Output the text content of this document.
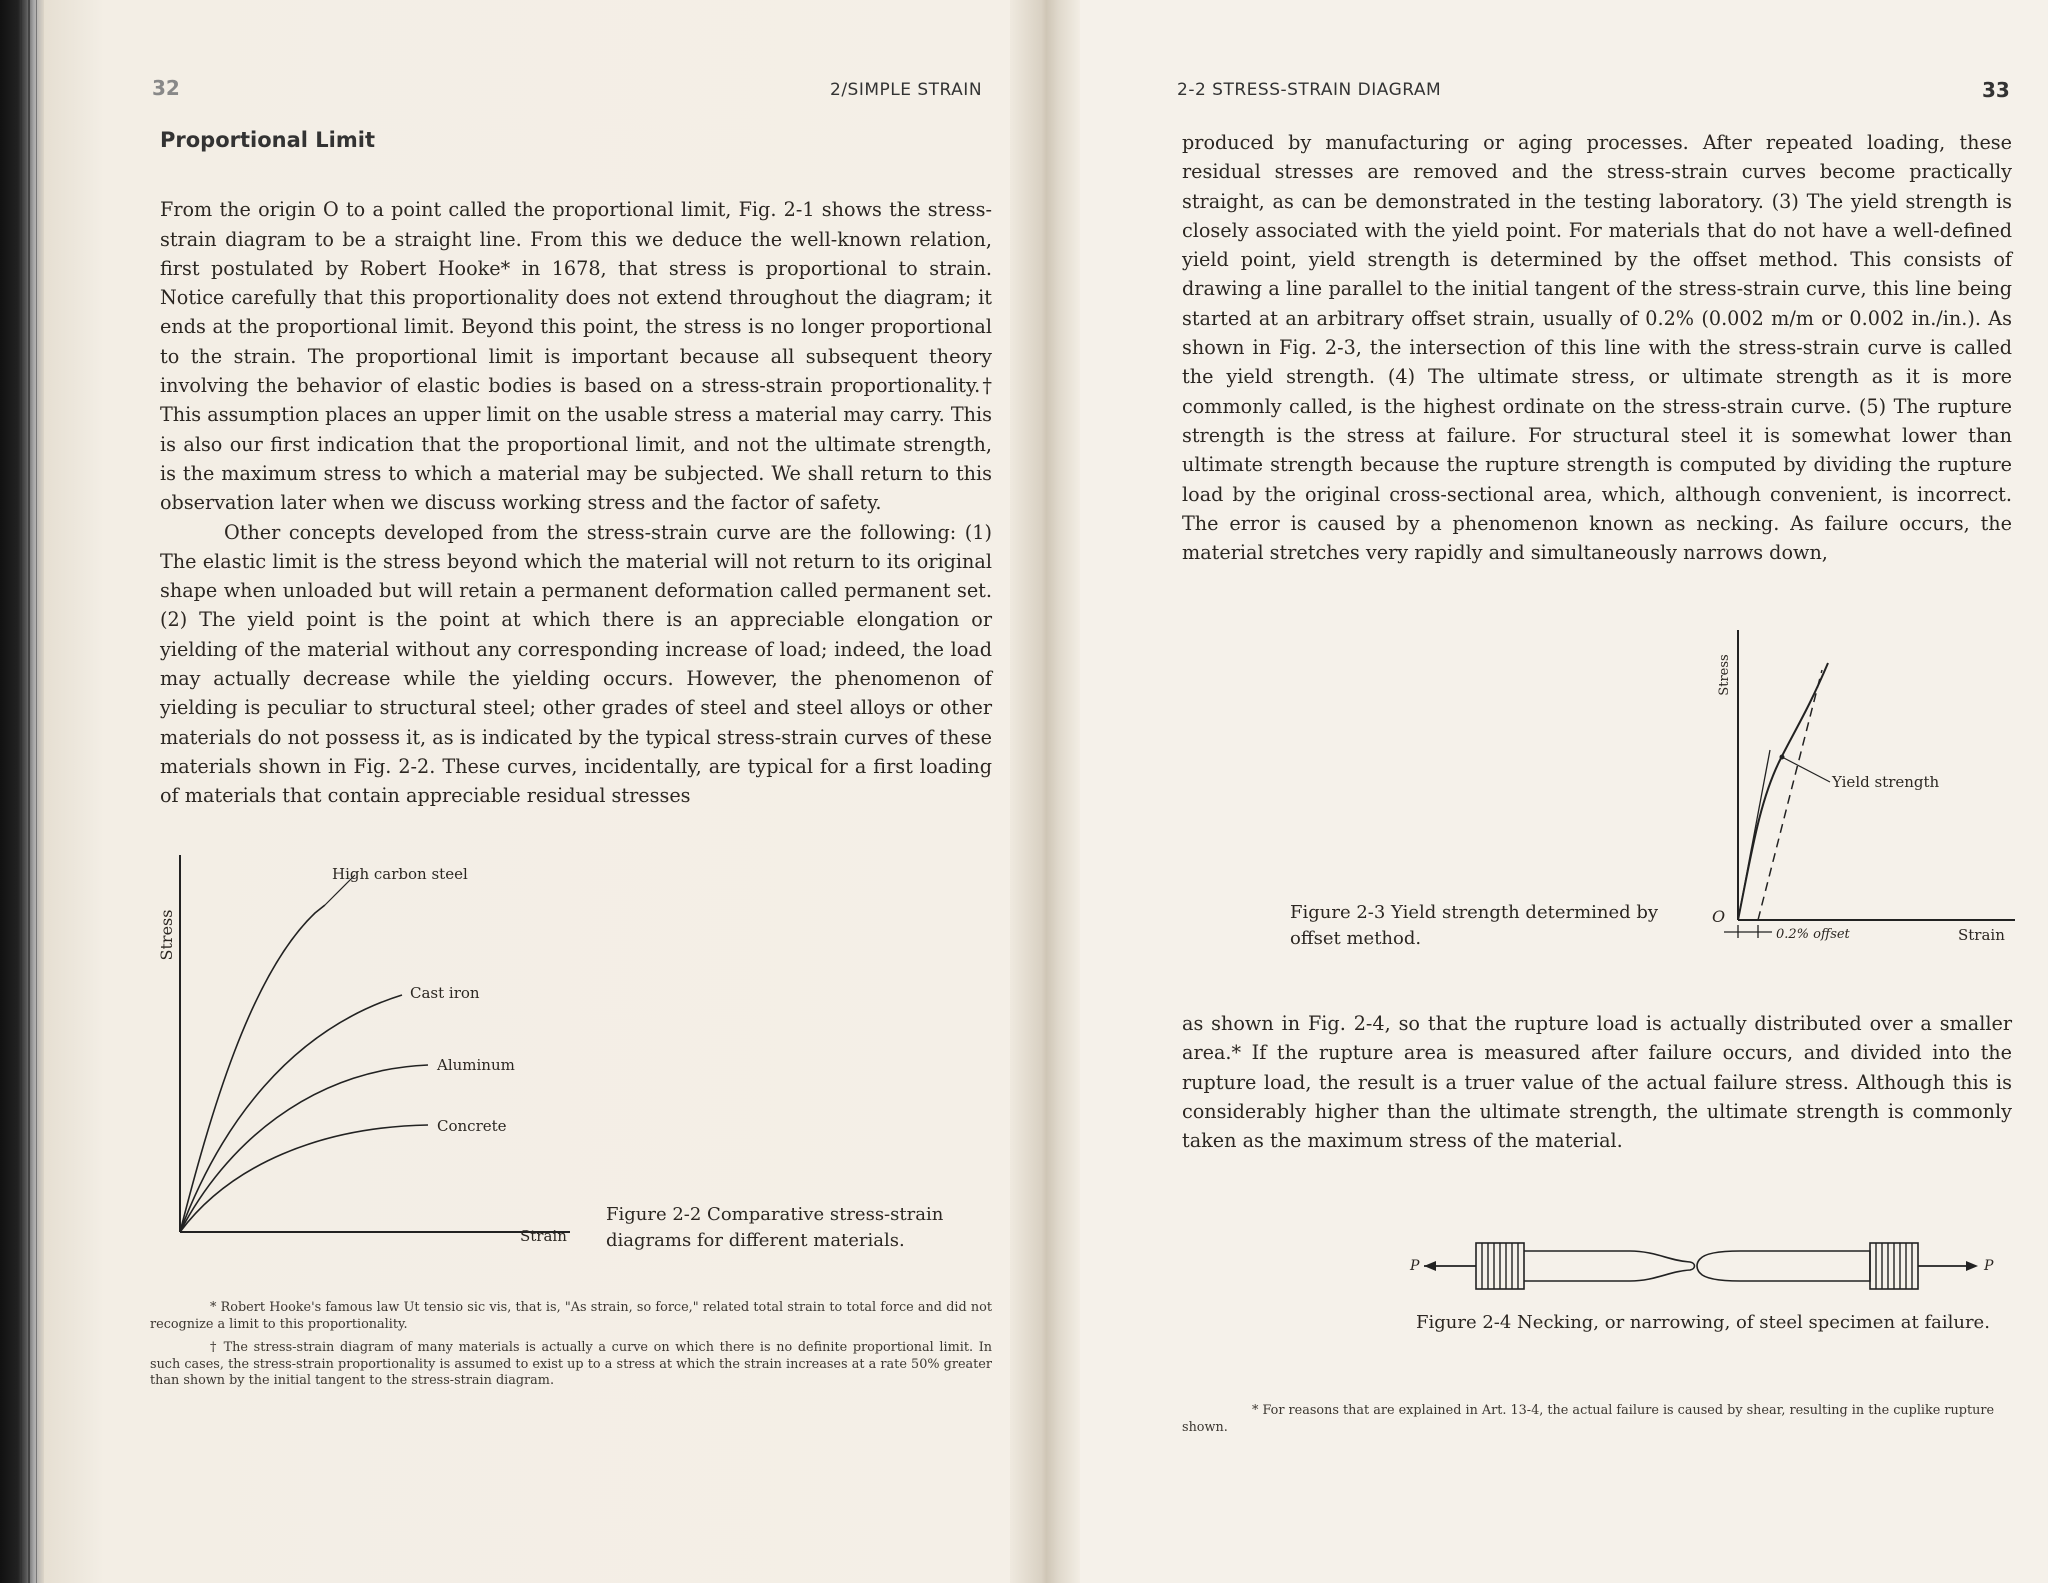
32	2/SIMPLE STRAIN
Proportional Limit

From the origin O to a point called the proportional limit, Fig. 2-1 shows the stress-strain diagram to be a straight line. From this we deduce the well-known relation, first postulated by Robert Hooke* in 1678, that stress is proportional to strain. Notice carefully that this proportionality does not extend throughout the diagram; it ends at the proportional limit. Beyond this point, the stress is no longer proportional to the strain. The proportional limit is important because all subsequent theory involving the behavior of elastic bodies is based on a stress-strain proportionality.† This assumption places an upper limit on the usable stress a material may carry. This is also our first indication that the proportional limit, and not the ultimate strength, is the maximum stress to which a material may be subjected. We shall return to this observation later when we discuss working stress and the factor of safety.

Other concepts developed from the stress-strain curve are the following: (1) The elastic limit is the stress beyond which the material will not return to its original shape when unloaded but will retain a permanent deformation called permanent set. (2) The yield point is the point at which there is an appreciable elongation or yielding of the material without any corresponding increase of load; indeed, the load may actually decrease while the yielding occurs. However, the phenomenon of yielding is peculiar to structural steel; other grades of steel and steel alloys or other materials do not possess it, as is indicated by the typical stress-strain curves of these materials shown in Fig. 2-2. These curves, incidentally, are typical for a first loading of materials that contain appreciable residual stresses

Stress
Strain
High carbon steel
Cast iron
Aluminum
Concrete
Figure 2-2 Comparative stress-strain
diagrams for different materials.
* Robert Hooke's famous law Ut tensio sic vis, that is, "As strain, so force," related total strain to total force and did not recognize a limit to this proportionality.
† The stress-strain diagram of many materials is actually a curve on which there is no definite proportional limit. In such cases, the stress-strain proportionality is assumed to exist up to a stress at which the strain increases at a rate 50% greater than shown by the initial tangent to the stress-strain diagram.
2-2 STRESS-STRAIN DIAGRAM	33
produced by manufacturing or aging processes. After repeated loading, these residual stresses are removed and the stress-strain curves become practically straight, as can be demonstrated in the testing laboratory. (3) The yield strength is closely associated with the yield point. For materials that do not have a well-defined yield point, yield strength is determined by the offset method. This consists of drawing a line parallel to the initial tangent of the stress-strain curve, this line being started at an arbitrary offset strain, usually of 0.2% (0.002 m/m or 0.002 in./in.). As shown in Fig. 2-3, the intersection of this line with the stress-strain curve is called the yield strength. (4) The ultimate stress, or ultimate strength as it is more commonly called, is the highest ordinate on the stress-strain curve. (5) The rupture strength is the stress at failure. For structural steel it is somewhat lower than ultimate strength because the rupture strength is computed by dividing the rupture load by the original cross-sectional area, which, although convenient, is incorrect. The error is caused by a phenomenon known as necking. As failure occurs, the material stretches very rapidly and simultaneously narrows down,
Stress
Strain
O
Yield strength
0.2% offset
Figure 2-3 Yield strength determined by
offset method.
as shown in Fig. 2-4, so that the rupture load is actually distributed over a smaller area.* If the rupture area is measured after failure occurs, and divided into the rupture load, the result is a truer value of the actual failure stress. Although this is considerably higher than the ultimate strength, the ultimate strength is commonly taken as the maximum stress of the material.
P	P
Figure 2-4 Necking, or narrowing, of steel specimen at failure.
* For reasons that are explained in Art. 13-4, the actual failure is caused by shear, resulting in the cuplike rupture shown.
